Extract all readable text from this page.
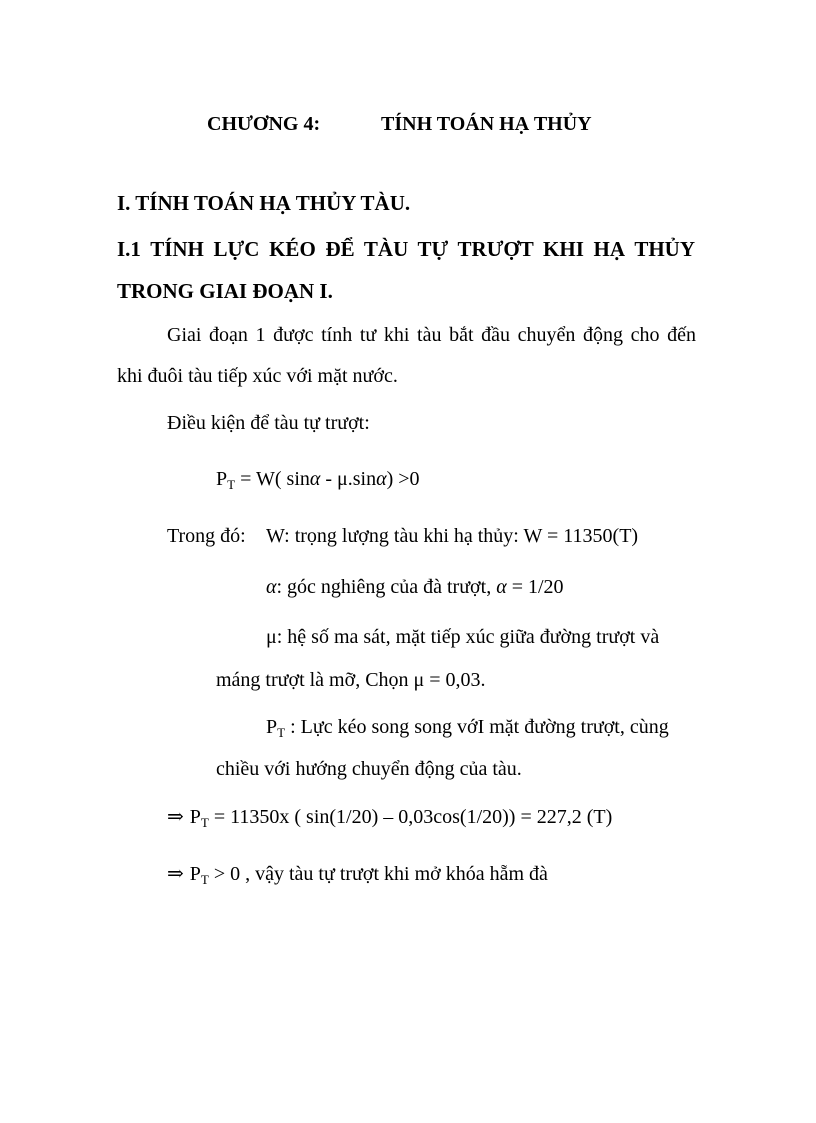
CHƯƠNG 4:	TÍNH TOÁN HẠ THỦY
I. TÍNH TOÁN HẠ THỦY TÀU.
I.1 TÍNH LỰC KÉO ĐỂ TÀU TỰ TRƯỢT KHI HẠ THỦY
TRONG GIAI ĐOẠN I.
Giai đoạn 1 được tính tư khi tàu bắt đầu chuyển động cho đến
khi đuôi tàu tiếp xúc với mặt nước.
Điều kiện để tàu tự trượt:
$P_T = W$( sinα - μ.sinα) >0
Trong đó: W: trọng lượng tàu khi hạ thủy: W = 11350(T)
α: góc nghiêng của đà trượt, α = 1/20
μ: hệ số ma sát, mặt tiếp xúc giữa đường trượt và
máng trượt là mỡ, Chọn μ = 0,03.
$P_T$ : Lực kéo song song vớI mặt đường trượt, cùng
chiều với hướng chuyển động của tàu.
⇒ $P_T = 11350x$ ( sin(1/20) – 0,03cos(1/20)) = 227,2 (T)
⇒ $P_T > 0$ , vậy tàu tự trượt khi mở khóa hẵm đà
